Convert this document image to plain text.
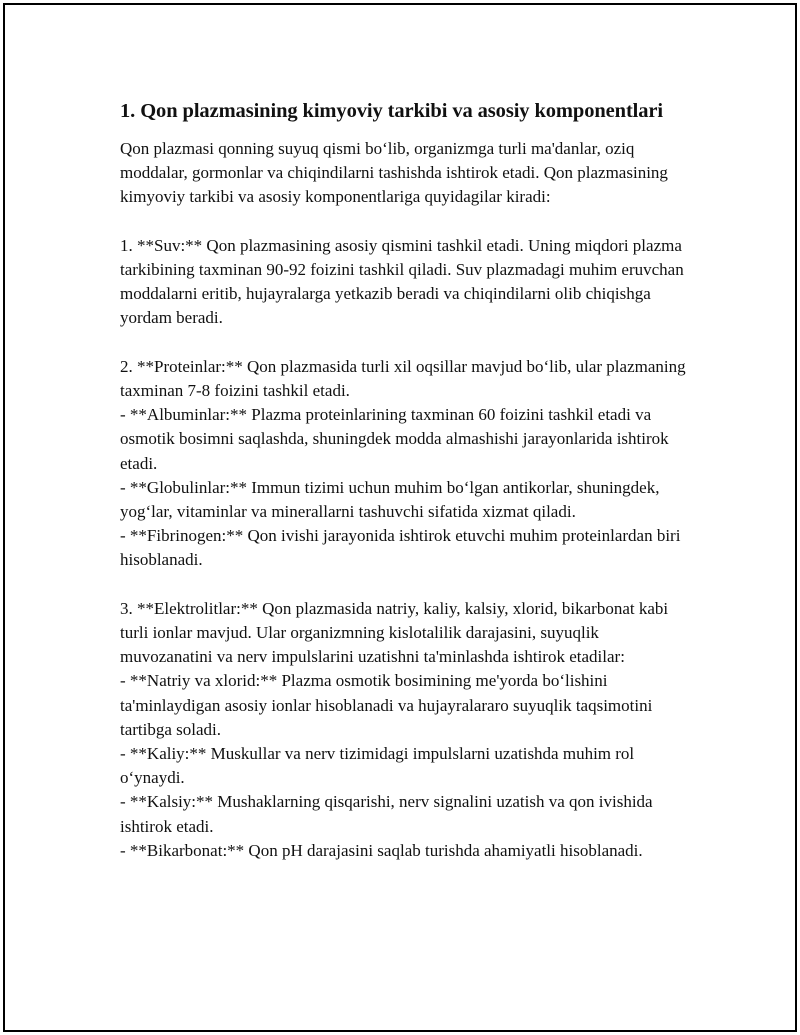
1. Qon plazmasining kimyoviy tarkibi va asosiy komponentlari

Qon plazmasi qonning suyuq qismi bo‘lib, organizmga turli ma'danlar, oziq moddalar, gormonlar va chiqindilarni tashishda ishtirok etadi. Qon plazmasining kimyoviy tarkibi va asosiy komponentlariga quyidagilar kiradi:

1. **Suv:** Qon plazmasining asosiy qismini tashkil etadi. Uning miqdori plazma tarkibining taxminan 90-92 foizini tashkil qiladi. Suv plazmadagi muhim eruvchan moddalarni eritib, hujayralarga yetkazib beradi va chiqindilarni olib chiqishga yordam beradi.

2. **Proteinlar:** Qon plazmasida turli xil oqsillar mavjud bo‘lib, ular plazmaning taxminan 7-8 foizini tashkil etadi.
- **Albuminlar:** Plazma proteinlarining taxminan 60 foizini tashkil etadi va osmotik bosimni saqlashda, shuningdek modda almashishi jarayonlarida ishtirok etadi.
- **Globulinlar:** Immun tizimi uchun muhim bo‘lgan antikorlar, shuningdek, yog‘lar, vitaminlar va minerallarni tashuvchi sifatida xizmat qiladi.
- **Fibrinogen:** Qon ivishi jarayonida ishtirok etuvchi muhim proteinlardan biri hisoblanadi.

3. **Elektrolitlar:** Qon plazmasida natriy, kaliy, kalsiy, xlorid, bikarbonat kabi turli ionlar mavjud. Ular organizmning kislotalilik darajasini, suyuqlik muvozanatini va nerv impulslarini uzatishni ta'minlashda ishtirok etadilar:
- **Natriy va xlorid:** Plazma osmotik bosimining me'yorda bo‘lishini ta'minlaydigan asosiy ionlar hisoblanadi va hujayralararo suyuqlik taqsimotini tartibga soladi.
- **Kaliy:** Muskullar va nerv tizimidagi impulslarni uzatishda muhim rol o‘ynaydi.
- **Kalsiy:** Mushaklarning qisqarishi, nerv signalini uzatish va qon ivishida ishtirok etadi.
- **Bikarbonat:** Qon pH darajasini saqlab turishda ahamiyatli hisoblanadi.
